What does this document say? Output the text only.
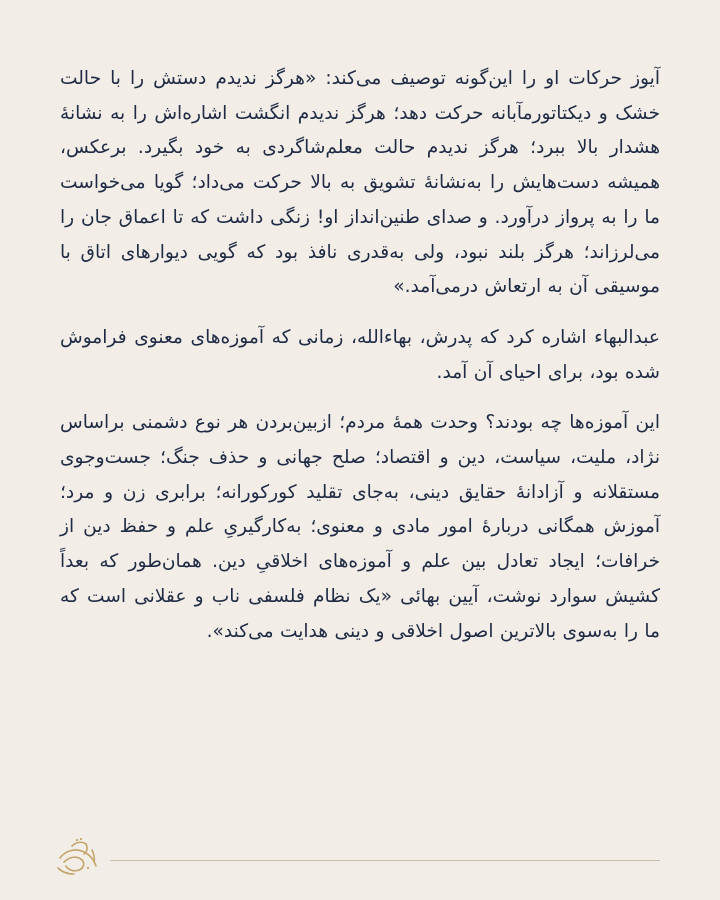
آیوز حرکات او را این‌گونه توصیف می‌کند: «هرگز ندیدم دستش را با حالت خشک و دیکتاتورمآبانه حرکت دهد؛ هرگز ندیدم انگشت اشاره‌اش را به نشانهٔ هشدار بالا ببرد؛ هرگز ندیدم حالت معلم‌شاگردی به خود بگیرد. برعکس، همیشه دست‌هایش را به‌نشانهٔ تشویق به بالا حرکت می‌داد؛ گویا می‌خواست ما را به پرواز درآورد. و صدای طنین‌انداز او! زنگی داشت که تا اعماق جان را می‌لرزاند؛ هرگز بلند نبود، ولی به‌قدری نافذ بود که گویی دیوارهای اتاق با موسیقی آن به ارتعاش درمی‌آمد.»

عبدالبهاء اشاره کرد که پدرش، بهاءالله، زمانی که آموزه‌های معنوی فراموش شده بود، برای احیای آن آمد.

این آموزه‌ها چه بودند؟ وحدت همهٔ مردم؛ ازبین‌بردن هر نوع دشمنی براساس نژاد، ملیت، سیاست، دین و اقتصاد؛ صلح جهانی و حذف جنگ؛ جست‌وجوی مستقلانه و آزادانهٔ حقایق دینی، به‌جای تقلید کورکورانه؛ برابری زن و مرد؛ آموزش همگانی دربارهٔ امور مادی و معنوی؛ به‌کارگیریِ علم و حفظ دین از خرافات؛ ایجاد تعادل بین علم و آموزه‌های اخلاقیِ دین. همان‌طور که بعداً کشیش سوارد نوشت، آیین بهائی «یک نظام فلسفی ناب و عقلانی است که ما را به‌سوی بالاترین اصول اخلاقی و دینی هدایت می‌کند».
